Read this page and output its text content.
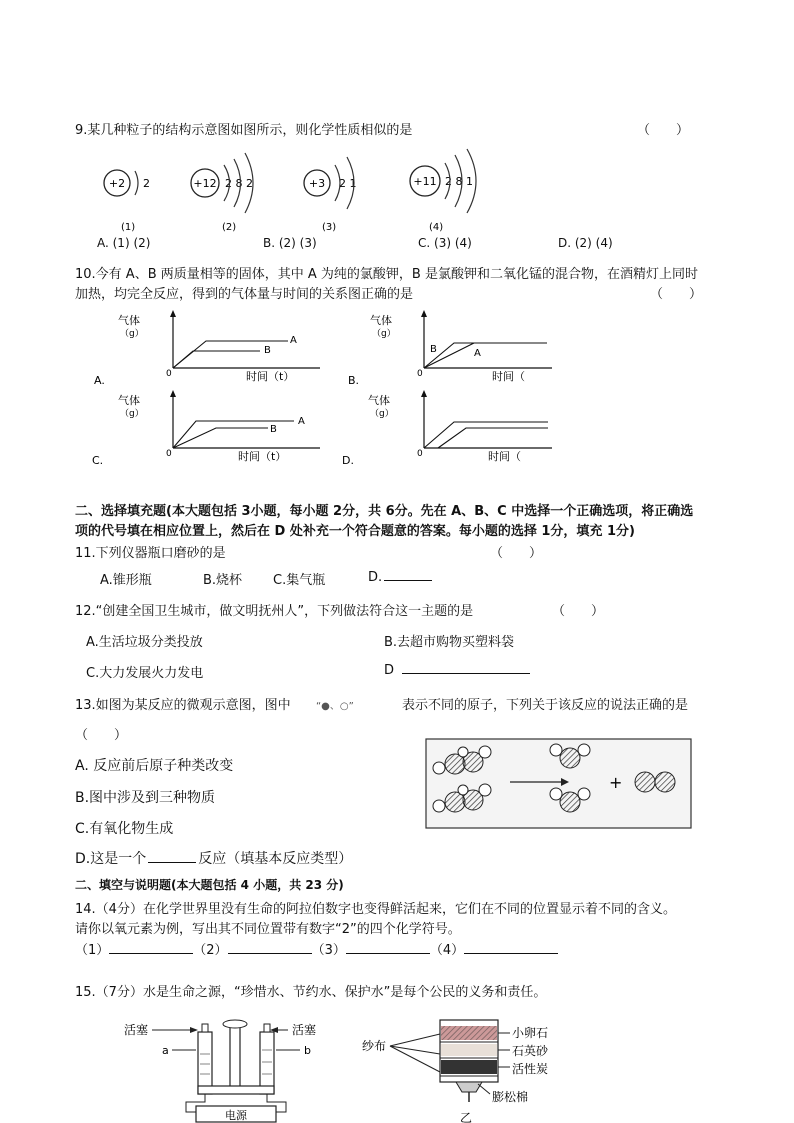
9.某几种粒子的结构示意图如图所示，则化学性质相似的是	（　　）
+2 2
(1)
+12 2 8 2
(2)
+3 2 1
(3)
+11 2 8 1
(4)
A. (1) (2)	B. (2) (3)	C. (3) (4)	D. (2) (4)
10.今有 A、B 两质量相等的固体，其中 A 为纯的氯酸钾，B 是氯酸钾和二氧化锰的混合物，在酒精灯上同时
加热，均完全反应，得到的气体量与时间的关系图正确的是	（　　）
气体
（g）
0
A
B
A.	时间（t）
气体
（g）
0
B	A
B.	时间（
气体
（g）
0
A
B
C.	时间（t）
气体
（g）
0
D.	时间（
二、选择填充题(本大题包括 3小题，每小题 2分，共 6分。先在 A、B、C 中选择一个正确选项，将正确选
项的代号填在相应位置上，然后在 D 处补充一个符合题意的答案。每小题的选择 1分，填充 1分)
11.下列仪器瓶口磨砂的是	（　　）
A.锥形瓶	B.烧杯 C.集气瓶	D.
12.“创建全国卫生城市，做文明抚州人”，下列做法符合这一主题的是	（　　）
A.生活垃圾分类投放	B.去超市购物买塑料袋
C.大力发展火力发电	D
13.如图为某反应的微观示意图，图中	“●、○”	表示不同的原子，下列关于该反应的说法正确的是
（　　）
A. 反应前后原子种类改变
B.图中涉及到三种物质
C.有氧化物生成
D.这是一个	反应（填基本反应类型）
+
二、填空与说明题(本大题包括 4 小题，共 23 分)
14.（4分）在化学世界里没有生命的阿拉伯数字也变得鲜活起来，它们在不同的位置显示着不同的含义。
请你以氧元素为例，写出其不同位置带有数字“2”的四个化学符号。
（1）	（2）	（3）	（4）
15.（7分）水是生命之源，“珍惜水、节约水、保护水”是每个公民的义务和责任。
活塞	活塞
a	b
电源
纱布
小卵石
石英砂
活性炭
膨松棉
乙
